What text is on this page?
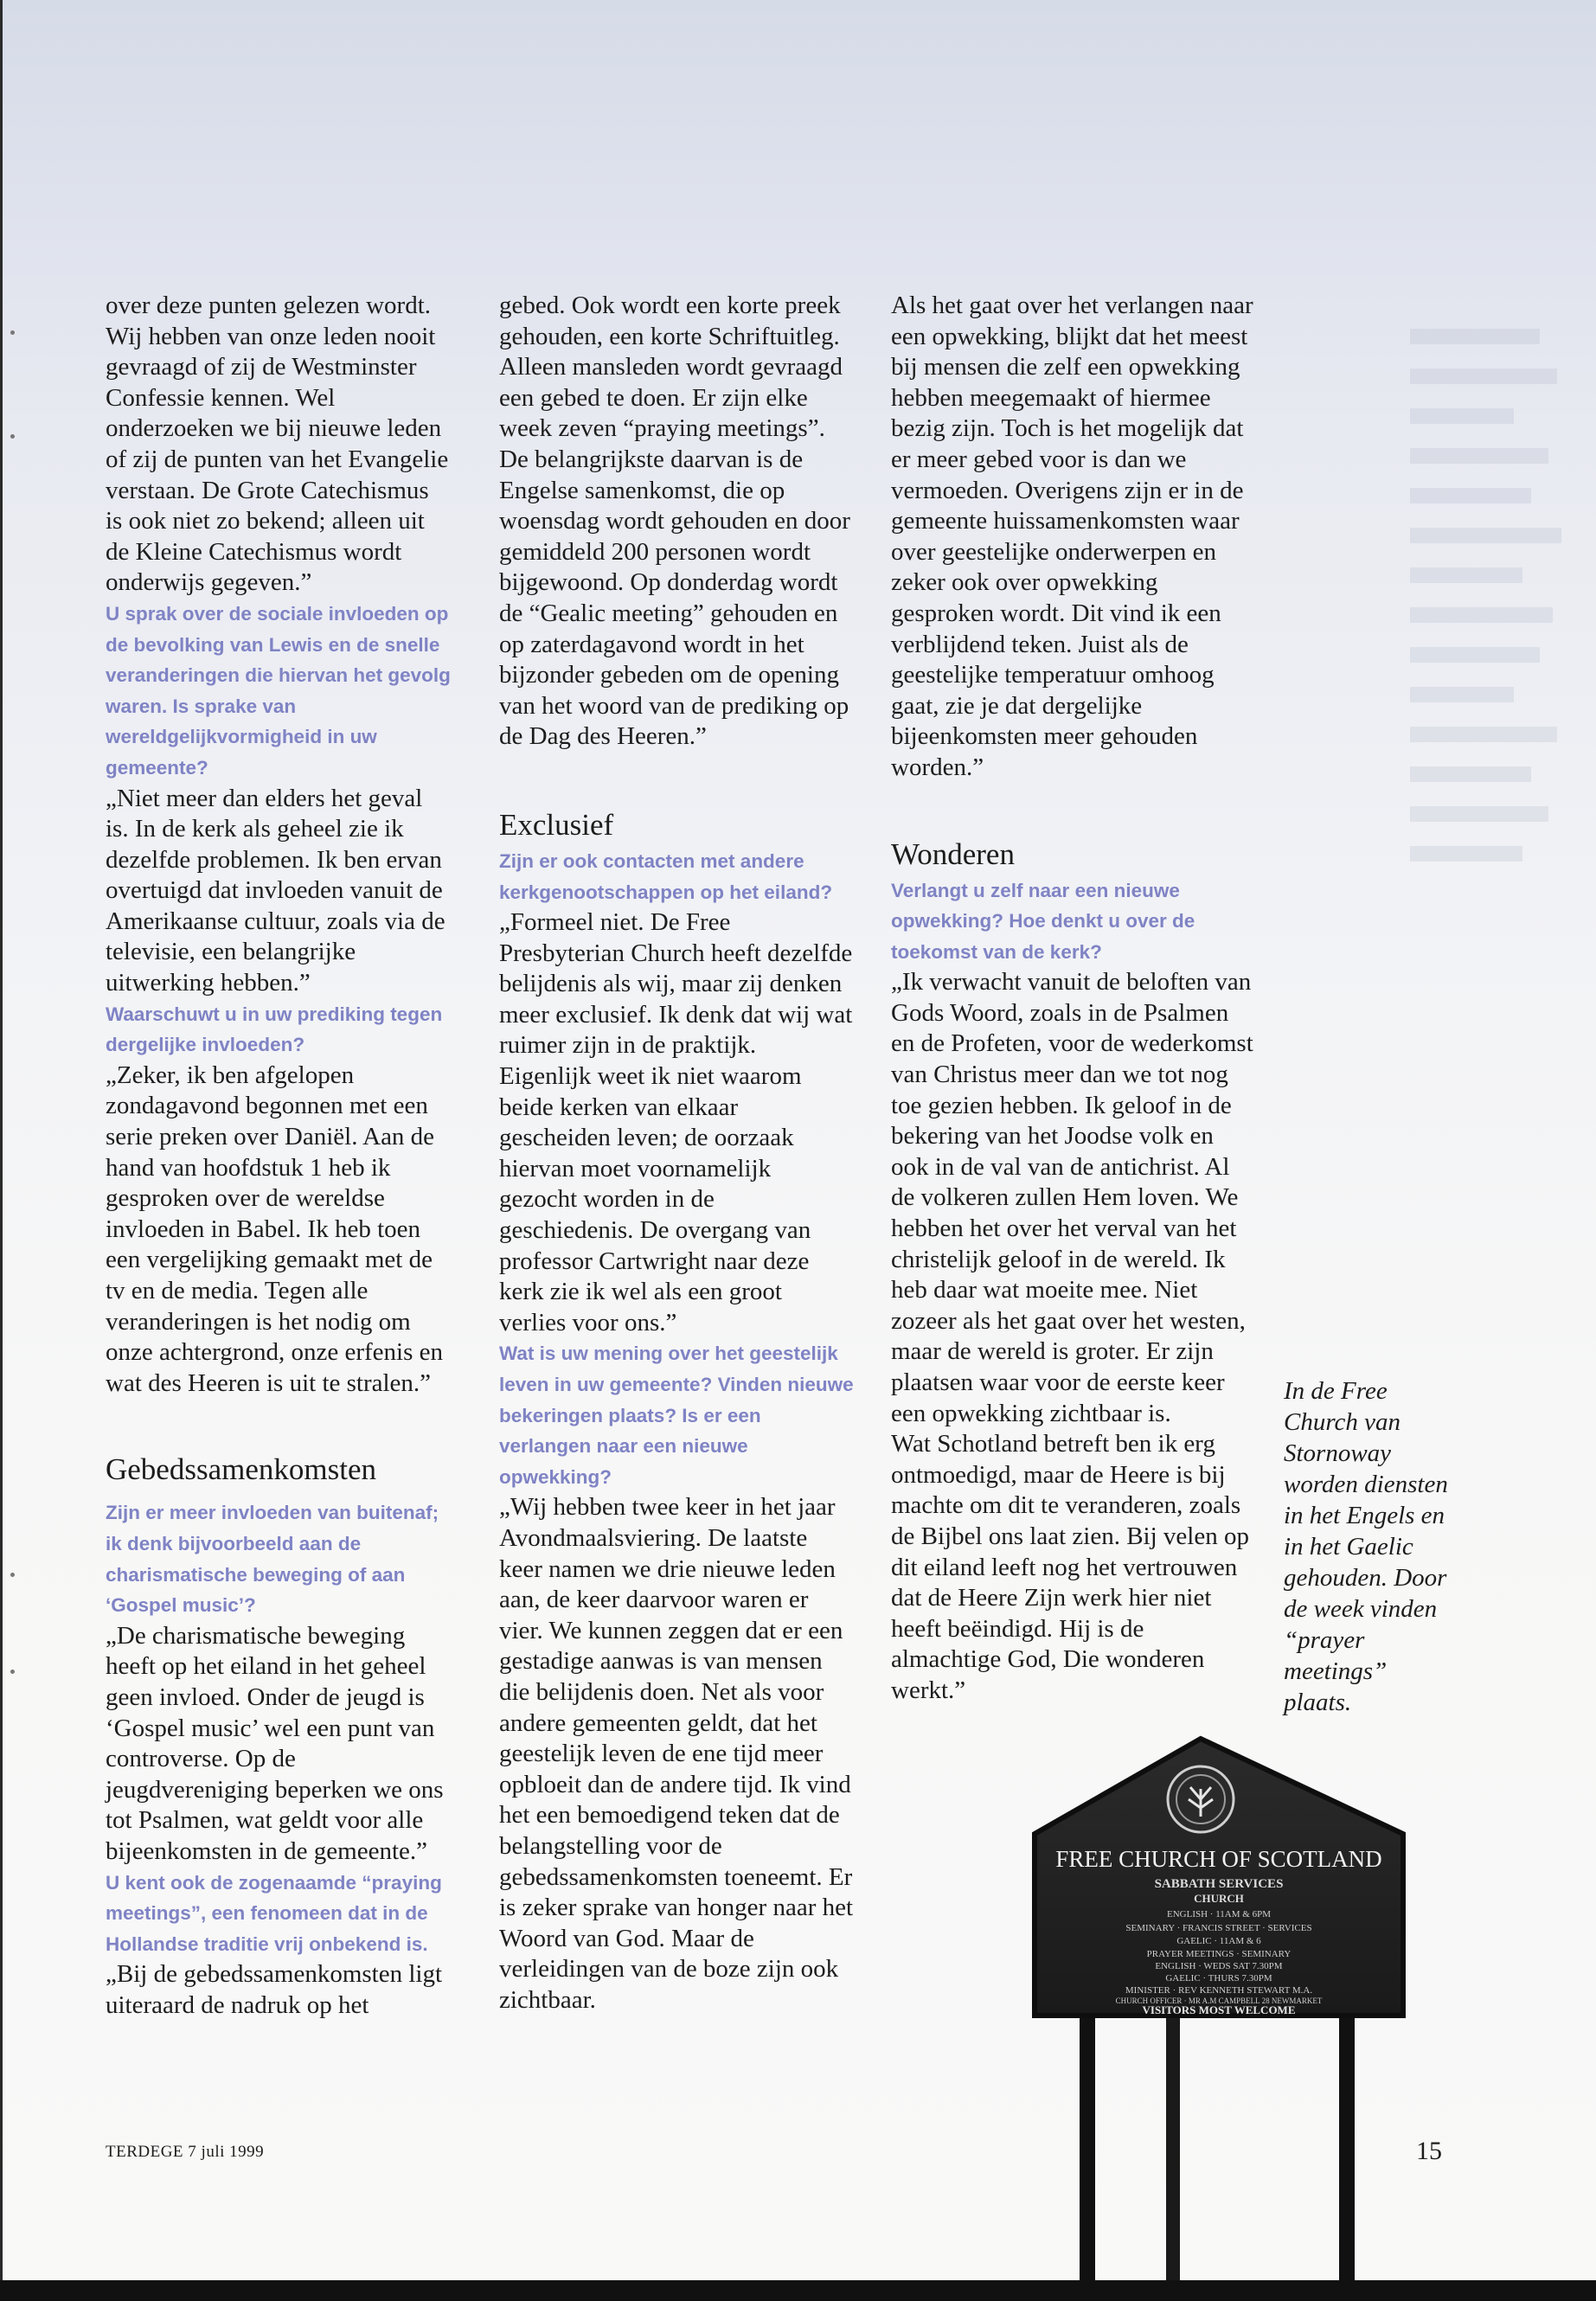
over deze punten gelezen wordt. Wij hebben van onze leden nooit gevraagd of zij de Westminster Confessie kennen. Wel onderzoeken we bij nieuwe leden of zij de punten van het Evangelie verstaan. De Grote Catechismus is ook niet zo bekend; alleen uit de Kleine Catechismus wordt onderwijs gegeven.”

U sprak over de sociale invloeden op de bevolking van Lewis en de snelle veranderingen die hiervan het gevolg waren. Is sprake van wereldgelijkvormigheid in uw gemeente?

„Niet meer dan elders het geval is. In de kerk als geheel zie ik dezelfde problemen. Ik ben ervan overtuigd dat invloeden vanuit de Amerikaanse cultuur, zoals via de televisie, een belangrijke uitwerking hebben.”

Waarschuwt u in uw prediking tegen dergelijke invloeden?

„Zeker, ik ben afgelopen zondagavond begonnen met een serie preken over Daniël. Aan de hand van hoofdstuk 1 heb ik gesproken over de wereldse invloeden in Babel. Ik heb toen een vergelijking gemaakt met de tv en de media. Tegen alle veranderingen is het nodig om onze achtergrond, onze erfenis en wat des Heeren is uit te stralen.”

Gebedssamenkomsten

Zijn er meer invloeden van buitenaf; ik denk bijvoorbeeld aan de charismatische beweging of aan ‘Gospel music’?

„De charismatische beweging heeft op het eiland in het geheel geen invloed. Onder de jeugd is ‘Gospel music’ wel een punt van controverse. Op de jeugdvereniging beperken we ons tot Psalmen, wat geldt voor alle bijeenkomsten in de gemeente.”

U kent ook de zogenaamde “praying meetings”, een fenomeen dat in de Hollandse traditie vrij onbekend is.

„Bij de gebedssamenkomsten ligt uiteraard de nadruk op het

gebed. Ook wordt een korte preek gehouden, een korte Schriftuitleg. Alleen mansleden wordt gevraagd een gebed te doen. Er zijn elke week zeven “praying meetings”. De belangrijkste daarvan is de Engelse samenkomst, die op woensdag wordt gehouden en door gemiddeld 200 personen wordt bijgewoond. Op donderdag wordt de “Gealic meeting” gehouden en op zaterdagavond wordt in het bijzonder gebeden om de opening van het woord van de prediking op de Dag des Heeren.”

Exclusief

Zijn er ook contacten met andere kerkgenootschappen op het eiland?

„Formeel niet. De Free Presbyterian Church heeft dezelfde belijdenis als wij, maar zij denken meer exclusief. Ik denk dat wij wat ruimer zijn in de praktijk. Eigenlijk weet ik niet waarom beide kerken van elkaar gescheiden leven; de oorzaak hiervan moet voornamelijk gezocht worden in de geschiedenis. De overgang van professor Cartwright naar deze kerk zie ik wel als een groot verlies voor ons.”

Wat is uw mening over het geestelijk leven in uw gemeente? Vinden nieuwe bekeringen plaats? Is er een verlangen naar een nieuwe opwekking?

„Wij hebben twee keer in het jaar Avondmaalsviering. De laatste keer namen we drie nieuwe leden aan, de keer daarvoor waren er vier. We kunnen zeggen dat er een gestadige aanwas is van mensen die belijdenis doen. Net als voor andere gemeenten geldt, dat het geestelijk leven de ene tijd meer opbloeit dan de andere tijd. Ik vind het een bemoedigend teken dat de belangstelling voor de gebedssamenkomsten toeneemt. Er is zeker sprake van honger naar het Woord van God. Maar de verleidingen van de boze zijn ook zichtbaar.

Als het gaat over het verlangen naar een opwekking, blijkt dat het meest bij mensen die zelf een opwekking hebben meegemaakt of hiermee bezig zijn. Toch is het mogelijk dat er meer gebed voor is dan we vermoeden. Overigens zijn er in de gemeente huissamenkomsten waar over geestelijke onderwerpen en zeker ook over opwekking gesproken wordt. Dit vind ik een verblijdend teken. Juist als de geestelijke temperatuur omhoog gaat, zie je dat dergelijke bijeenkomsten meer gehouden worden.”

Wonderen

Verlangt u zelf naar een nieuwe opwekking? Hoe denkt u over de toekomst van de kerk?

„Ik verwacht vanuit de beloften van Gods Woord, zoals in de Psalmen en de Profeten, voor de wederkomst van Christus meer dan we tot nog toe gezien hebben. Ik geloof in de bekering van het Joodse volk en ook in de val van de antichrist. Al de volkeren zullen Hem loven. We hebben het over het verval van het christelijk geloof in de wereld. Ik heb daar wat moeite mee. Niet zozeer als het gaat over het westen, maar de wereld is groter. Er zijn plaatsen waar voor de eerste keer een opwekking zichtbaar is.

Wat Schotland betreft ben ik erg ontmoedigd, maar de Heere is bij machte om dit te veranderen, zoals de Bijbel ons laat zien. Bij velen op dit eiland leeft nog het vertrouwen dat de Heere Zijn werk hier niet heeft beëindigd. Hij is de almachtige God, Die wonderen werkt.”

In de Free Church van Stornoway worden diensten in het Engels en in het Gaelic gehouden. Door de week vinden “prayer meetings” plaats.
FREE CHURCH OF SCOTLAND
SABBATH SERVICES
CHURCH
ENGLISH · 11AM & 6PM
SEMINARY · FRANCIS STREET · SERVICES
GAELIC · 11AM & 6
PRAYER MEETINGS · SEMINARY
ENGLISH · WEDS SAT 7.30PM
GAELIC · THURS 7.30PM
MINISTER · REV KENNETH STEWART M.A.
CHURCH OFFICER · MR A.M CAMPBELL 28 NEWMARKET
VISITORS MOST WELCOME
TERDEGE 7 juli 1999	15
